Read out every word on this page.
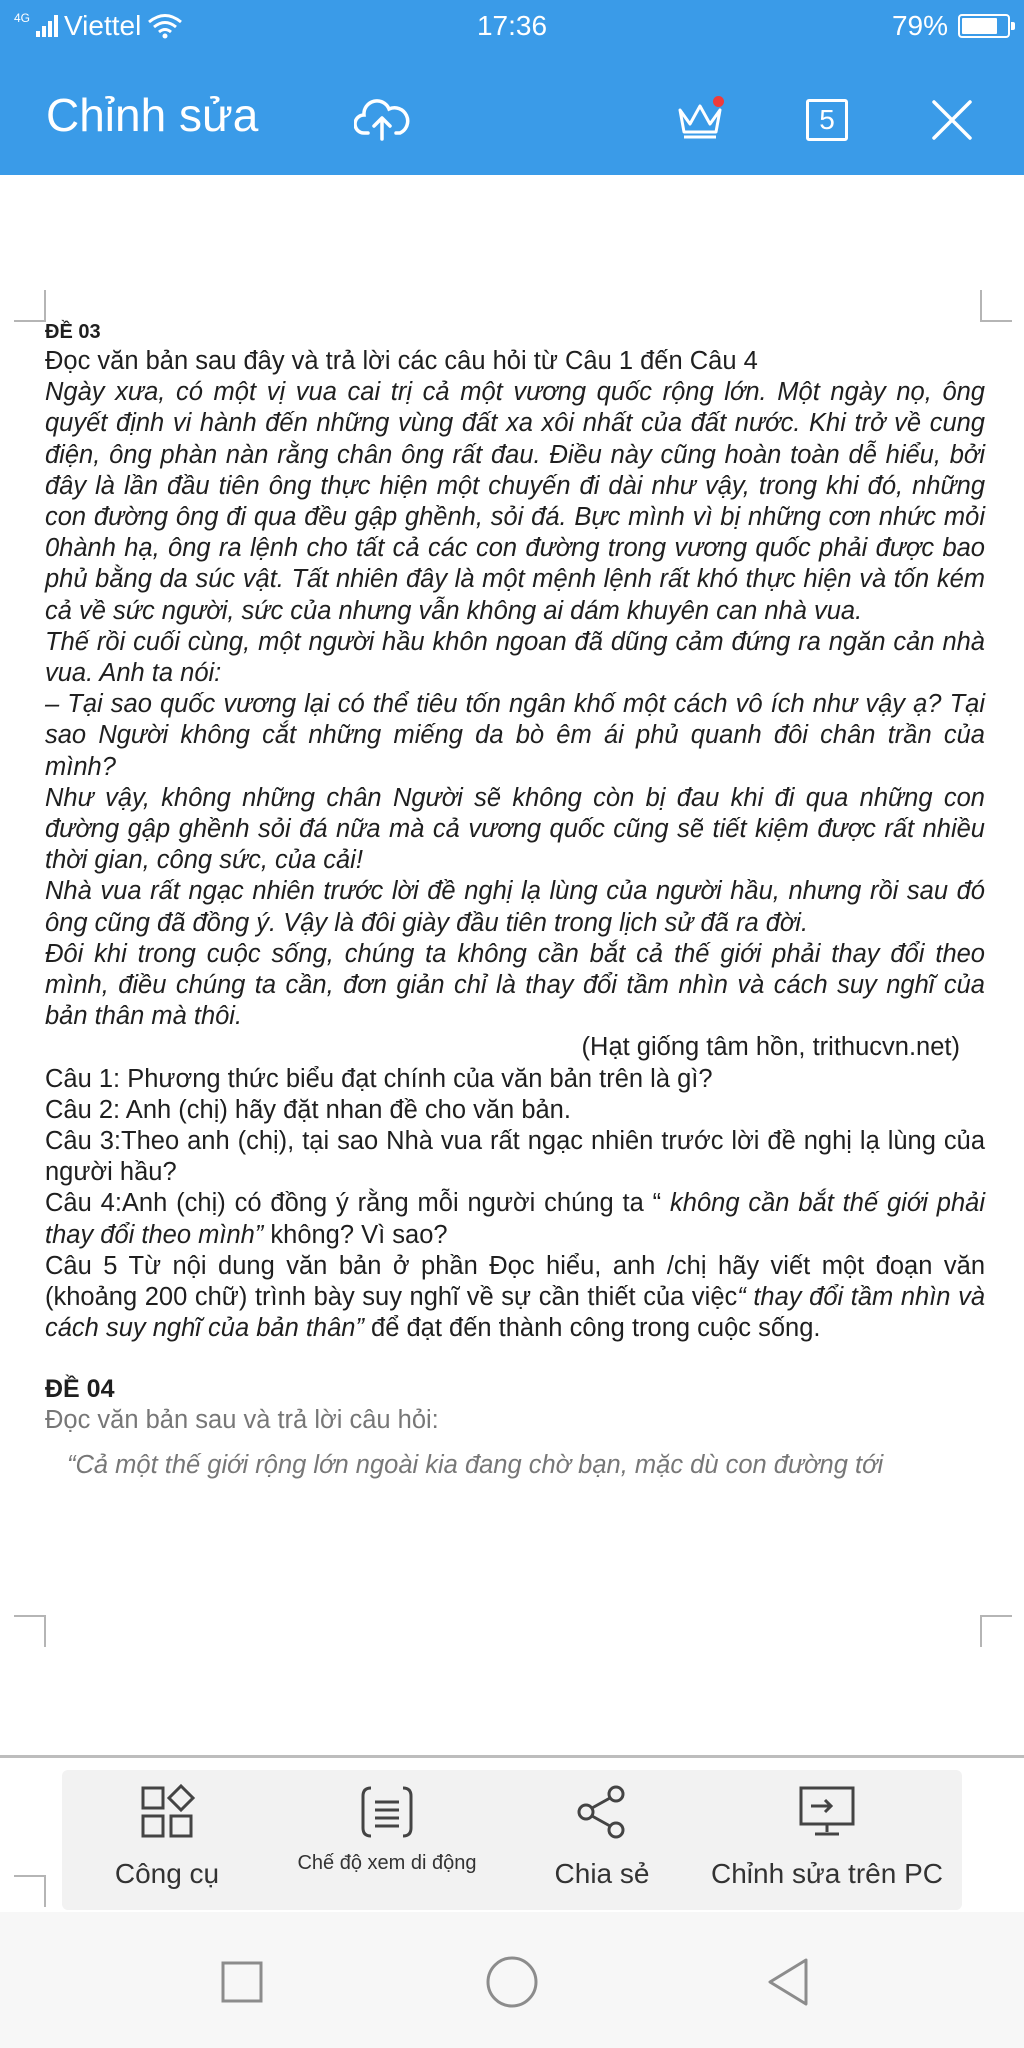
4G Viettel	17:36	79%
Chỉnh sửa	5
ĐỀ 03
Đọc văn bản sau đây và trả lời các câu hỏi từ Câu 1 đến Câu 4
Ngày xưa, có một vị vua cai trị cả một vương quốc rộng lớn. Một ngày nọ, ông quyết định vi hành đến những vùng đất xa xôi nhất của đất nước. Khi trở về cung điện, ông phàn nàn rằng chân ông rất đau. Điều này cũng hoàn toàn dễ hiểu, bởi đây là lần đầu tiên ông thực hiện một chuyến đi dài như vậy, trong khi đó, những con đường ông đi qua đều gập ghềnh, sỏi đá. Bực mình vì bị những cơn nhức mỏi 0hành hạ, ông ra lệnh cho tất cả các con đường trong vương quốc phải được bao phủ bằng da súc vật. Tất nhiên đây là một mệnh lệnh rất khó thực hiện và tốn kém cả về sức người, sức của nhưng vẫn không ai dám khuyên can nhà vua.
Thế rồi cuối cùng, một người hầu khôn ngoan đã dũng cảm đứng ra ngăn cản nhà vua. Anh ta nói:
– Tại sao quốc vương lại có thể tiêu tốn ngân khố một cách vô ích như vậy ạ? Tại sao Người không cắt những miếng da bò êm ái phủ quanh đôi chân trần của mình?
Như vậy, không những chân Người sẽ không còn bị đau khi đi qua những con đường gập ghềnh sỏi đá nữa mà cả vương quốc cũng sẽ tiết kiệm được rất nhiều thời gian, công sức, của cải!
Nhà vua rất ngạc nhiên trước lời đề nghị lạ lùng của người hầu, nhưng rồi sau đó ông cũng đã đồng ý. Vậy là đôi giày đầu tiên trong lịch sử đã ra đời.
Đôi khi trong cuộc sống, chúng ta không cần bắt cả thế giới phải thay đổi theo mình, điều chúng ta cần, đơn giản chỉ là thay đổi tầm nhìn và cách suy nghĩ của bản thân mà thôi.
(Hạt giống tâm hồn, trithucvn.net)
Câu 1: Phương thức biểu đạt chính của văn bản trên là gì?
Câu 2: Anh (chị) hãy đặt nhan đề cho văn bản.
Câu 3:Theo anh (chị), tại sao Nhà vua rất ngạc nhiên trước lời đề nghị lạ lùng của người hầu?
Câu 4:Anh (chị) có đồng ý rằng mỗi người chúng ta “ không cần bắt thế giới phải thay đổi theo mình” không? Vì sao?
Câu 5 Từ nội dung văn bản ở phần Đọc hiểu, anh /chị hãy viết một đoạn văn (khoảng 200 chữ) trình bày suy nghĩ về sự cần thiết của việc“ thay đổi tầm nhìn và cách suy nghĩ của bản thân” để đạt đến thành công trong cuộc sống.
ĐỀ 04
Đọc văn bản sau và trả lời câu hỏi:
“Cả một thế giới rộng lớn ngoài kia đang chờ bạn, mặc dù con đường tới
Công cụ	Chế độ xem di động	Chia sẻ	Chỉnh sửa trên PC
